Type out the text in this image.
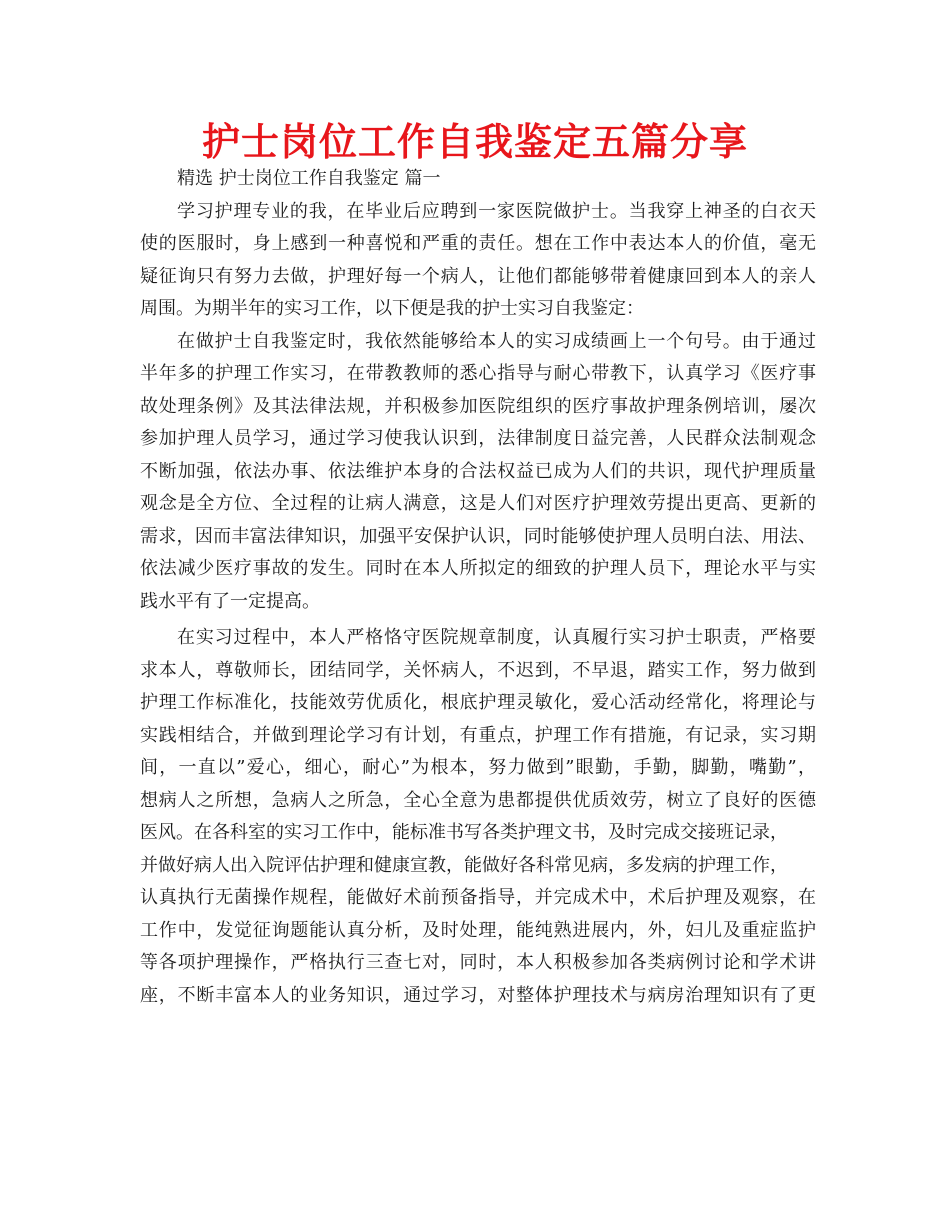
护士岗位工作自我鉴定五篇分享
精选 护士岗位工作自我鉴定 篇一
学习护理专业的我，在毕业后应聘到一家医院做护士。当我穿上神圣的白衣天
使的医服时，身上感到一种喜悦和严重的责任。想在工作中表达本人的价值，毫无
疑征询只有努力去做，护理好每一个病人，让他们都能够带着健康回到本人的亲人
周围。为期半年的实习工作，以下便是我的护士实习自我鉴定：
在做护士自我鉴定时，我依然能够给本人的实习成绩画上一个句号。由于通过
半年多的护理工作实习，在带教教师的悉心指导与耐心带教下，认真学习《医疗事
故处理条例》及其法律法规，并积极参加医院组织的医疗事故护理条例培训，屡次
参加护理人员学习，通过学习使我认识到，法律制度日益完善，人民群众法制观念
不断加强，依法办事、依法维护本身的合法权益已成为人们的共识，现代护理质量
观念是全方位、全过程的让病人满意，这是人们对医疗护理效劳提出更高、更新的
需求，因而丰富法律知识，加强平安保护认识，同时能够使护理人员明白法、用法、
依法减少医疗事故的发生。同时在本人所拟定的细致的护理人员下，理论水平与实
践水平有了一定提高。
在实习过程中，本人严格恪守医院规章制度，认真履行实习护士职责，严格要
求本人，尊敬师长，团结同学，关怀病人，不迟到，不早退，踏实工作，努力做到
护理工作标准化，技能效劳优质化，根底护理灵敏化，爱心活动经常化，将理论与
实践相结合，并做到理论学习有计划，有重点，护理工作有措施，有记录，实习期
间，一直以”爱心，细心，耐心”为根本，努力做到”眼勤，手勤，脚勤，嘴勤”，
想病人之所想，急病人之所急，全心全意为患都提供优质效劳，树立了良好的医德
医风。在各科室的实习工作中，能标准书写各类护理文书，及时完成交接班记录，
并做好病人出入院评估护理和健康宣教，能做好各科常见病，多发病的护理工作，
认真执行无菌操作规程，能做好术前预备指导，并完成术中，术后护理及观察，在
工作中，发觉征询题能认真分析，及时处理，能纯熟进展内，外，妇儿及重症监护
等各项护理操作，严格执行三查七对，同时，本人积极参加各类病例讨论和学术讲
座，不断丰富本人的业务知识，通过学习，对整体护理技术与病房治理知识有了更
